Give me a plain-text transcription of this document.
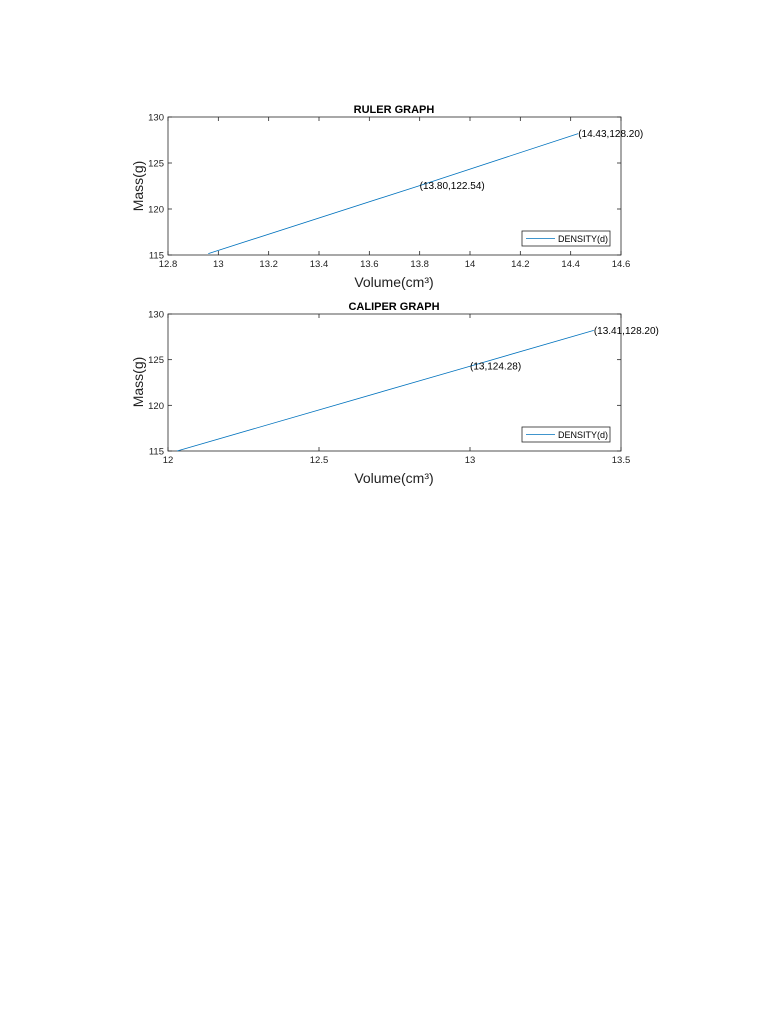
RULER GRAPH
12.8	13	13.2	13.4	13.6	13.8	14	14.2	14.4	14.6
115
120
125
130
(13.80,122.54)
(14.43,128.20)
Volume(cm³)
Mass(g)
DENSITY(d)
CALIPER GRAPH
12	12.5	13	13.5
115
120
125
130
(13,124.28)
(13.41,128.20)
Volume(cm³)
Mass(g)
DENSITY(d)
